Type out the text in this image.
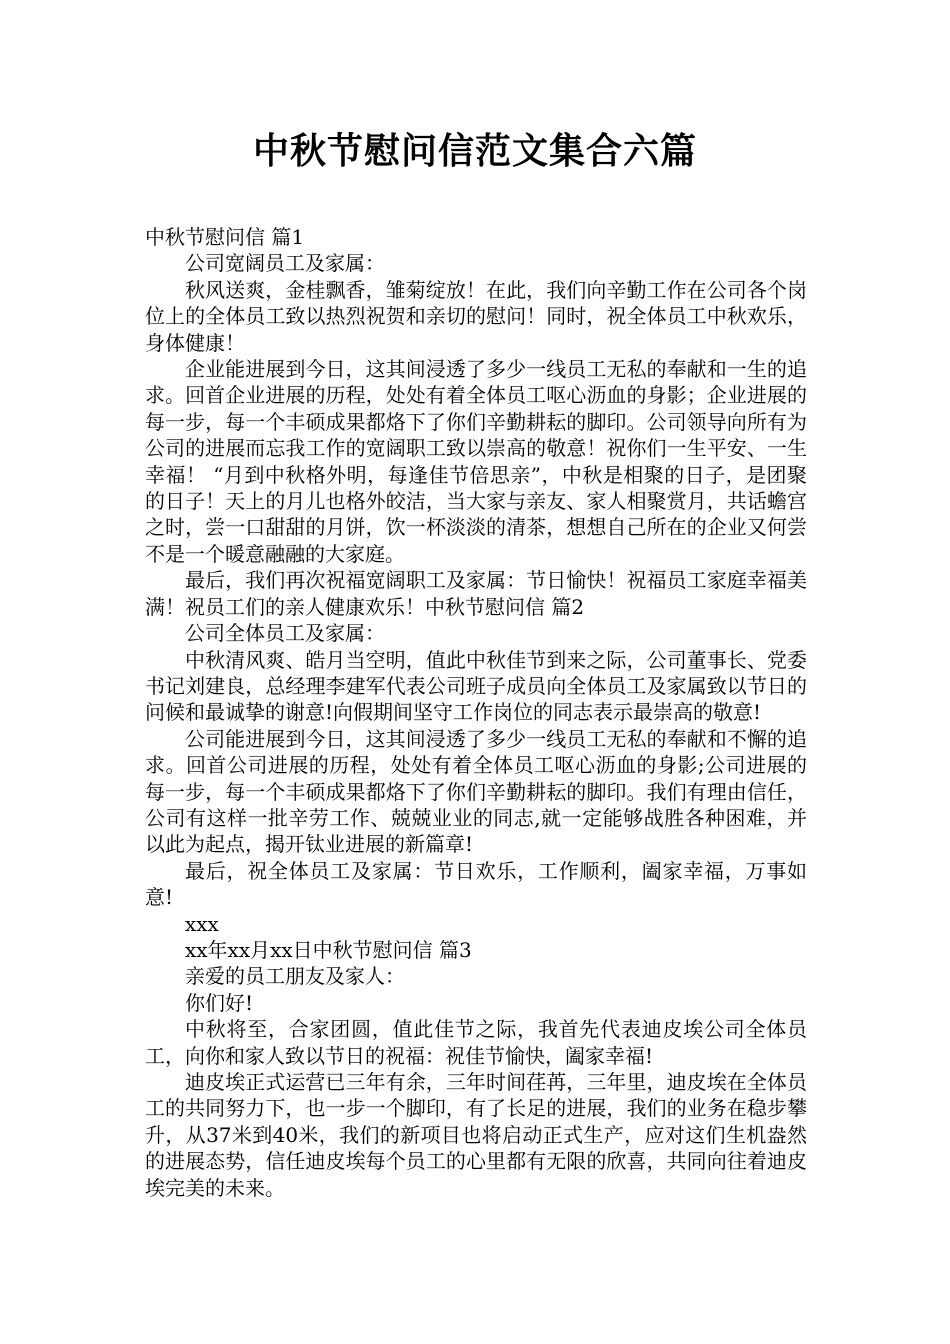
中秋节慰问信范文集合六篇

中秋节慰问信 篇1

公司宽阔员工及家属：

秋风送爽，金桂飘香，雏菊绽放！在此，我们向辛勤工作在公司各个岗位上的全体员工致以热烈祝贺和亲切的慰问！同时，祝全体员工中秋欢乐，身体健康！

企业能进展到今日，这其间浸透了多少一线员工无私的奉献和一生的追求。回首企业进展的历程，处处有着全体员工呕心沥血的身影；企业进展的每一步，每一个丰硕成果都烙下了你们辛勤耕耘的脚印。公司领导向所有为公司的进展而忘我工作的宽阔职工致以崇高的敬意！祝你们一生平安、一生幸福！ “月到中秋格外明，每逢佳节倍思亲”，中秋是相聚的日子，是团聚的日子！天上的月儿也格外皎洁，当大家与亲友、家人相聚赏月，共话蟾宫之时，尝一口甜甜的月饼，饮一杯淡淡的清茶，想想自己所在的企业又何尝不是一个暖意融融的大家庭。

最后，我们再次祝福宽阔职工及家属：节日愉快！祝福员工家庭幸福美满！祝员工们的亲人健康欢乐！中秋节慰问信 篇2

公司全体员工及家属：

中秋清风爽、皓月当空明，值此中秋佳节到来之际，公司董事长、党委书记刘建良，总经理李建军代表公司班子成员向全体员工及家属致以节日的问候和最诚挚的谢意!向假期间坚守工作岗位的同志表示最崇高的敬意!

公司能进展到今日，这其间浸透了多少一线员工无私的奉献和不懈的追求。回首公司进展的历程，处处有着全体员工呕心沥血的身影;公司进展的每一步，每一个丰硕成果都烙下了你们辛勤耕耘的脚印。我们有理由信任，公司有这样一批辛劳工作、兢兢业业的同志,就一定能够战胜各种困难，并以此为起点，揭开钛业进展的新篇章!

最后，祝全体员工及家属：节日欢乐，工作顺利，阖家幸福，万事如意!

xxx

xx年xx月xx日中秋节慰问信 篇3

亲爱的员工朋友及家人：

你们好!

中秋将至，合家团圆，值此佳节之际，我首先代表迪皮埃公司全体员工，向你和家人致以节日的祝福：祝佳节愉快，阖家幸福!

迪皮埃正式运营已三年有余，三年时间荏苒，三年里，迪皮埃在全体员工的共同努力下，也一步一个脚印，有了长足的进展，我们的业务在稳步攀升，从37米到40米，我们的新项目也将启动正式生产，应对这们生机盎然的进展态势，信任迪皮埃每个员工的心里都有无限的欣喜，共同向往着迪皮埃完美的未来。
